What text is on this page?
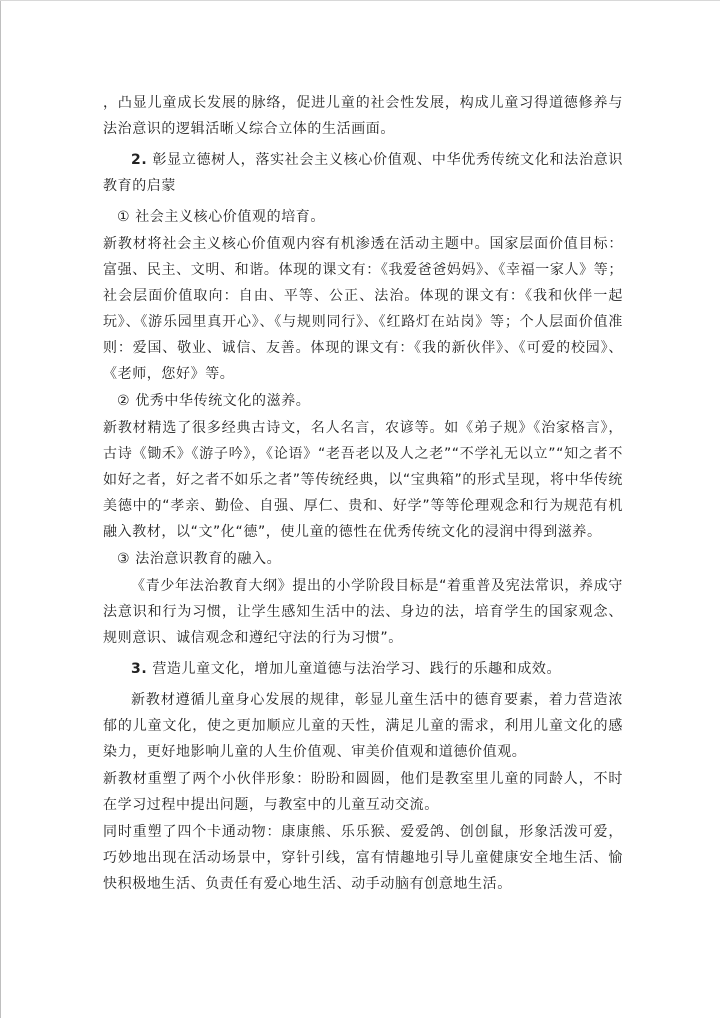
，凸显儿童成长发展的脉络，促进儿童的社会性发展，构成儿童习得道德修养与法治意识的逻辑活晰乂综合立体的生活画面。

2. 彰显立德树人，落实社会主义核心价值观、中华优秀传统文化和法治意识教育的启蒙

① 社会主义核心价值观的培育。

新教材将社会主义核心价值观内容有机渗透在活动主题中。国家层面价值目标：富强、民主、文明、和谐。体现的课文有：《我爱爸爸妈妈》、《幸福一家人》等；社会层面价值取向：自由、平等、公正、法治。体现的课文有：《我和伙伴一起玩》、《游乐园里真开心》、《与规则同行》、《红路灯在站岗》等；个人层面价值准则：爱国、敬业、诚信、友善。体现的课文有：《我的新伙伴》、《可爱的校园》、《老师，您好》等。

② 优秀中华传统文化的滋养。

新教材精选了很多经典古诗文，名人名言，农谚等。如《弟子规》《治家格言》，古诗《锄禾》《游子吟》，《论语》“老吾老以及人之老”“不学礼无以立”“知之者不如好之者，好之者不如乐之者”等传统经典，以“宝典箱”的形式呈现，将中华传统美德中的“孝亲、勤俭、自强、厚仁、贵和、好学”等等伦理观念和行为规范有机融入教材，以“文”化“德”，使儿童的德性在优秀传统文化的浸润中得到滋养。

③ 法治意识教育的融入。

《青少年法治教育大纲》提出的小学阶段目标是“着重普及宪法常识，养成守法意识和行为习惯，让学生感知生活中的法、身边的法，培育学生的国家观念、规则意识、诚信观念和遵纪守法的行为习惯”。

3. 营造儿童文化，增加儿童道德与法治学习、践行的乐趣和成效。

新教材遵循儿童身心发展的规律，彰显儿童生活中的德育要素，着力营造浓郁的儿童文化，使之更加顺应儿童的天性，满足儿童的需求，利用儿童文化的感染力，更好地影响儿童的人生价值观、审美价值观和道德价值观。

新教材重塑了两个小伙伴形象：盼盼和圆圆，他们是教室里儿童的同龄人，不时在学习过程中提出问题，与教室中的儿童互动交流。

同时重塑了四个卡通动物：康康熊、乐乐猴、爱爱鸽、创创鼠，形象活泼可爱，巧妙地出现在活动场景中，穿针引线，富有情趣地引导儿童健康安全地生活、愉快积极地生活、负责任有爱心地生活、动手动脑有创意地生活。
